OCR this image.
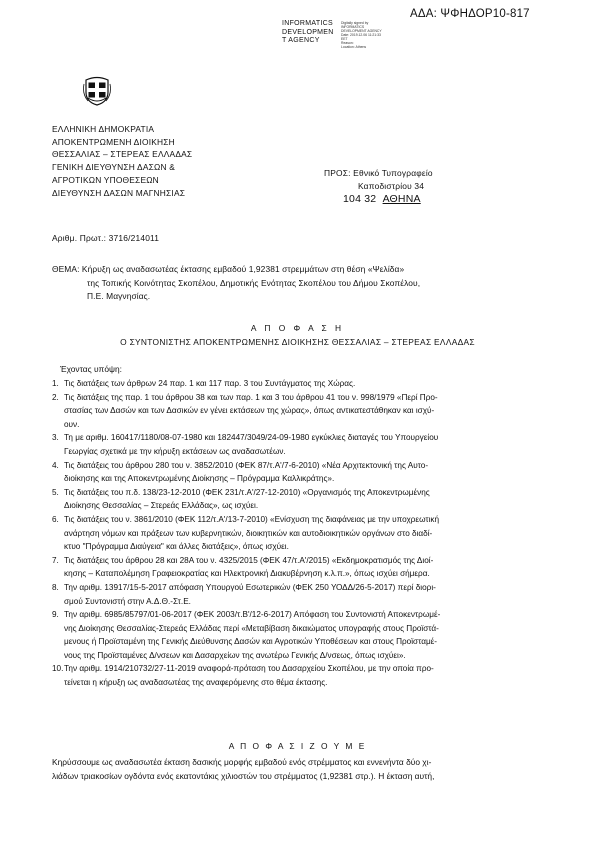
ΑΔΑ: ΨΦΗΔΟΡ10-817
INFORMATICS
DEVELOPMEN
T AGENCY
Digitally signed by
INFORMATICS
DEVELOPMENT AGENCY
Date: 2019.12.06 11:21:33
EET
Reason:
Location: Athens
ΕΛΛΗΝΙΚΗ ΔΗΜΟΚΡΑΤΙΑ
ΑΠΟΚΕΝΤΡΩΜΕΝΗ ΔΙΟΙΚΗΣΗ
ΘΕΣΣΑΛΙΑΣ – ΣΤΕΡΕΑΣ ΕΛΛΑΔΑΣ
ΓΕΝΙΚΗ ΔΙΕΥΘΥΝΣΗ ΔΑΣΩΝ &
ΑΓΡΟΤΙΚΩΝ ΥΠΟΘΕΣΕΩΝ
ΔΙΕΥΘΥΝΣΗ ΔΑΣΩΝ ΜΑΓΝΗΣΙΑΣ
ΠΡΟΣ: Εθνικό Τυπογραφείο
Καποδιστρίου 34
104 32 ΑΘΗΝΑ
Αριθμ. Πρωτ.: 3716/214011
ΘΕΜΑ: Κήρυξη ως αναδασωτέας έκτασης εμβαδού 1,92381 στρεμμάτων στη θέση «Ψελίδα»
της Τοπικής Κοινότητας Σκοπέλου, Δημοτικής Ενότητας Σκοπέλου του Δήμου Σκοπέλου,
Π.Ε. Μαγνησίας.
Α Π Ο Φ Α Σ Η
Ο ΣΥΝΤΟΝΙΣΤΗΣ ΑΠΟΚΕΝΤΡΩΜΕΝΗΣ ΔΙΟΙΚΗΣΗΣ ΘΕΣΣΑΛΙΑΣ – ΣΤΕΡΕΑΣ ΕΛΛΑΔΑΣ
Έχοντας υπόψη:
1. Τις διατάξεις των άρθρων 24 παρ. 1 και 117 παρ. 3 του Συντάγματος της Χώρας.
2. Τις διατάξεις της παρ. 1 του άρθρου 38 και των παρ. 1 και 3 του άρθρου 41 του ν. 998/1979 «Περί Προ-
στασίας των Δασών και των Δασικών εν γένει εκτάσεων της χώρας», όπως αντικατεστάθηκαν και ισχύ-
ουν.
3. Τη με αριθμ. 160417/1180/08-07-1980 και 182447/3049/24-09-1980 εγκύκλιες διαταγές του Υπουργείου
Γεωργίας σχετικά με την κήρυξη εκτάσεων ως αναδασωτέων.
4. Τις διατάξεις του άρθρου 280 του ν. 3852/2010 (ΦΕΚ 87/τ.Α'/7-6-2010) «Νέα Αρχιτεκτονική της Αυτο-
διοίκησης και της Αποκεντρωμένης Διοίκησης – Πρόγραμμα Καλλικράτης».
5. Τις διατάξεις του π.δ. 138/23-12-2010 (ΦΕΚ 231/τ.Α'/27-12-2010) «Οργανισμός της Αποκεντρωμένης
Διοίκησης Θεσσαλίας – Στερεάς Ελλάδας», ως ισχύει.
6. Τις διατάξεις του ν. 3861/2010 (ΦΕΚ 112/τ.Α'/13-7-2010) «Ενίσχυση της διαφάνειας με την υποχρεωτική
ανάρτηση νόμων και πράξεων των κυβερνητικών, διοικητικών και αυτοδιοικητικών οργάνων στο διαδί-
κτυο "Πρόγραμμα Διαύγεια" και άλλες διατάξεις», όπως ισχύει.
7. Τις διατάξεις του άρθρου 28 και 28Α του ν. 4325/2015 (ΦΕΚ 47/τ.Α'/2015) «Εκδημοκρατισμός της Διοί-
κησης – Καταπολέμηση Γραφειοκρατίας και Ηλεκτρονική Διακυβέρνηση κ.λ.π.», όπως ισχύει σήμερα.
8. Την αριθμ. 13917/15-5-2017 απόφαση Υπουργού Εσωτερικών (ΦΕΚ 250 ΥΟΔΔ/26-5-2017) περί διορι-
σμού Συντονιστή στην Α.Δ.Θ.-Στ.Ε.
9. Την αριθμ. 6985/85797/01-06-2017 (ΦΕΚ 2003/τ.Β'/12-6-2017) Απόφαση του Συντονιστή Αποκεντρωμέ-
νης Διοίκησης Θεσσαλίας-Στερεάς Ελλάδας περί «Μεταβίβαση δικαιώματος υπογραφής στους Προϊστά-
μενους ή Προϊσταμένη της Γενικής Διεύθυνσης Δασών και Αγροτικών Υποθέσεων και στους Προϊσταμέ-
νους της Προϊσταμένες Δ/νσεων και Δασαρχείων της ανωτέρω Γενικής Δ/νσεως, όπως ισχύει».
10. Την αριθμ. 1914/210732/27-11-2019 αναφορά-πρόταση του Δασαρχείου Σκοπέλου, με την οποία προ-
τείνεται η κήρυξη ως αναδασωτέας της αναφερόμενης στο θέμα έκτασης.
Α Π Ο Φ Α Σ Ι Ζ Ο Υ Μ Ε
Κηρύσσουμε ως αναδασωτέα έκταση δασικής μορφής εμβαδού ενός στρέμματος και εννενήντα δύο χι-
λιάδων τριακοσίων ογδόντα ενός εκατοντάκις χιλιοστών του στρέμματος (1,92381 στρ.). Η έκταση αυτή,
